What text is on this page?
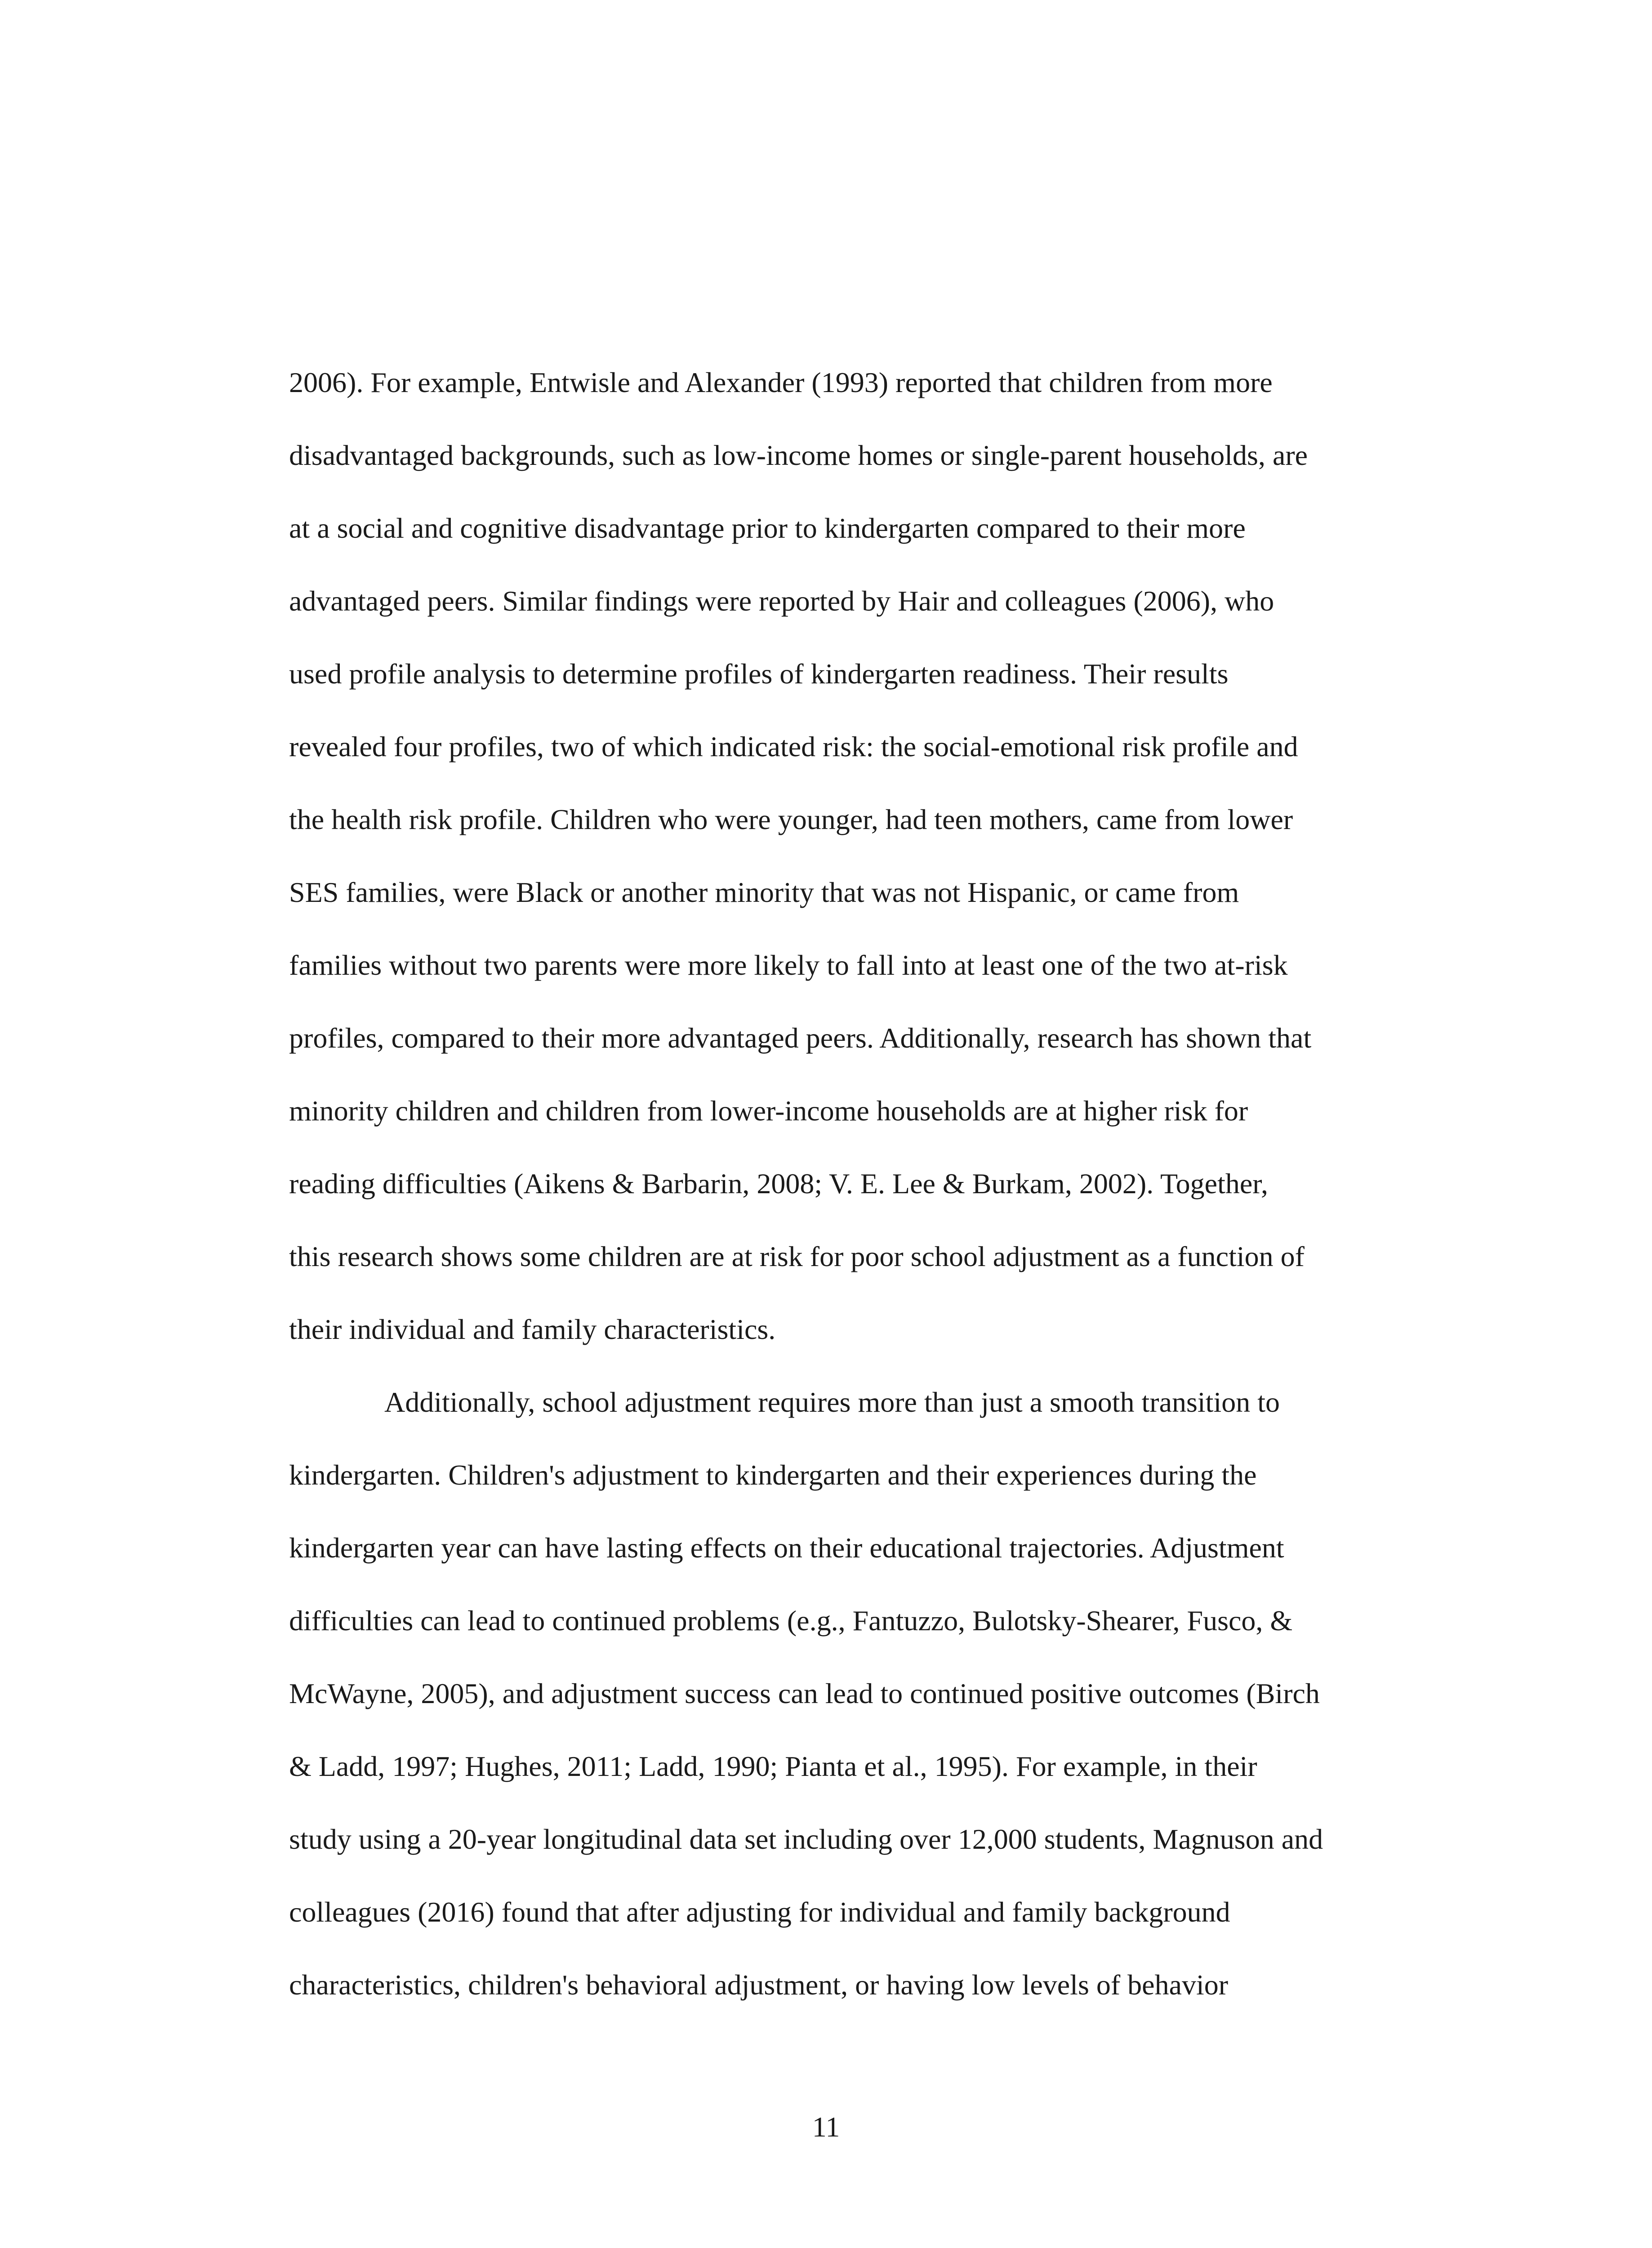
2006). For example, Entwisle and Alexander (1993) reported that children from more
disadvantaged backgrounds, such as low-income homes or single-parent households, are
at a social and cognitive disadvantage prior to kindergarten compared to their more
advantaged peers. Similar findings were reported by Hair and colleagues (2006), who
used profile analysis to determine profiles of kindergarten readiness. Their results
revealed four profiles, two of which indicated risk: the social-emotional risk profile and
the health risk profile. Children who were younger, had teen mothers, came from lower
SES families, were Black or another minority that was not Hispanic, or came from
families without two parents were more likely to fall into at least one of the two at-risk
profiles, compared to their more advantaged peers. Additionally, research has shown that
minority children and children from lower-income households are at higher risk for
reading difficulties (Aikens & Barbarin, 2008; V. E. Lee & Burkam, 2002). Together,
this research shows some children are at risk for poor school adjustment as a function of
their individual and family characteristics.
Additionally, school adjustment requires more than just a smooth transition to
kindergarten. Children's adjustment to kindergarten and their experiences during the
kindergarten year can have lasting effects on their educational trajectories. Adjustment
difficulties can lead to continued problems (e.g., Fantuzzo, Bulotsky-Shearer, Fusco, &
McWayne, 2005), and adjustment success can lead to continued positive outcomes (Birch
& Ladd, 1997; Hughes, 2011; Ladd, 1990; Pianta et al., 1995). For example, in their
study using a 20-year longitudinal data set including over 12,000 students, Magnuson and
colleagues (2016) found that after adjusting for individual and family background
characteristics, children's behavioral adjustment, or having low levels of behavior
11
